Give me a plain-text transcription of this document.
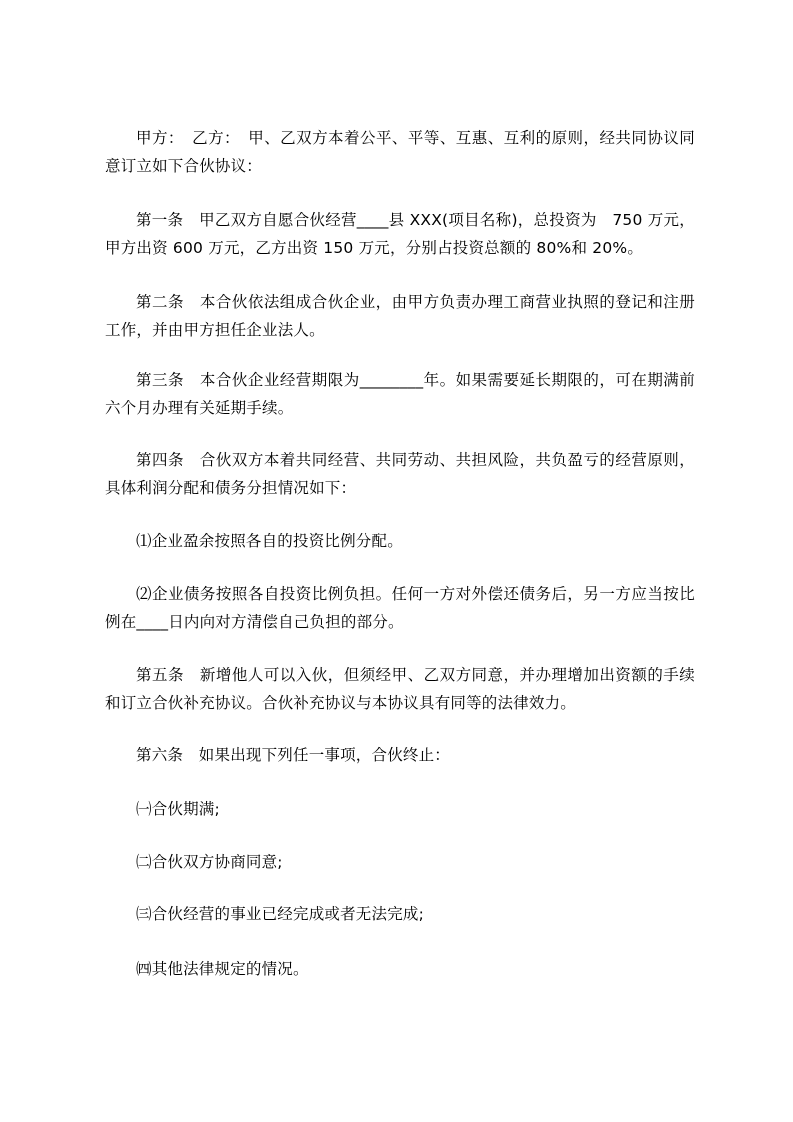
甲方：　乙方：　甲、乙双方本着公平、平等、互惠、互利的原则，经共同协议同意订立如下合伙协议：

第一条　甲乙双方自愿合伙经营____县 XXX(项目名称)，总投资为　750 万元，甲方出资 600 万元，乙方出资 150 万元，分别占投资总额的 80%和 20%。

第二条　本合伙依法组成合伙企业，由甲方负责办理工商营业执照的登记和注册工作，并由甲方担任企业法人。

第三条　本合伙企业经营期限为________年。如果需要延长期限的，可在期满前六个月办理有关延期手续。

第四条　合伙双方本着共同经营、共同劳动、共担风险，共负盈亏的经营原则，具体利润分配和债务分担情况如下：

⑴企业盈余按照各自的投资比例分配。

⑵企业债务按照各自投资比例负担。任何一方对外偿还债务后，另一方应当按比例在____日内向对方清偿自己负担的部分。

第五条　新增他人可以入伙，但须经甲、乙双方同意，并办理增加出资额的手续和订立合伙补充协议。合伙补充协议与本协议具有同等的法律效力。

第六条　如果出现下列任一事项，合伙终止：

㈠合伙期满;

㈡合伙双方协商同意;

㈢合伙经营的事业已经完成或者无法完成;

㈣其他法律规定的情况。
